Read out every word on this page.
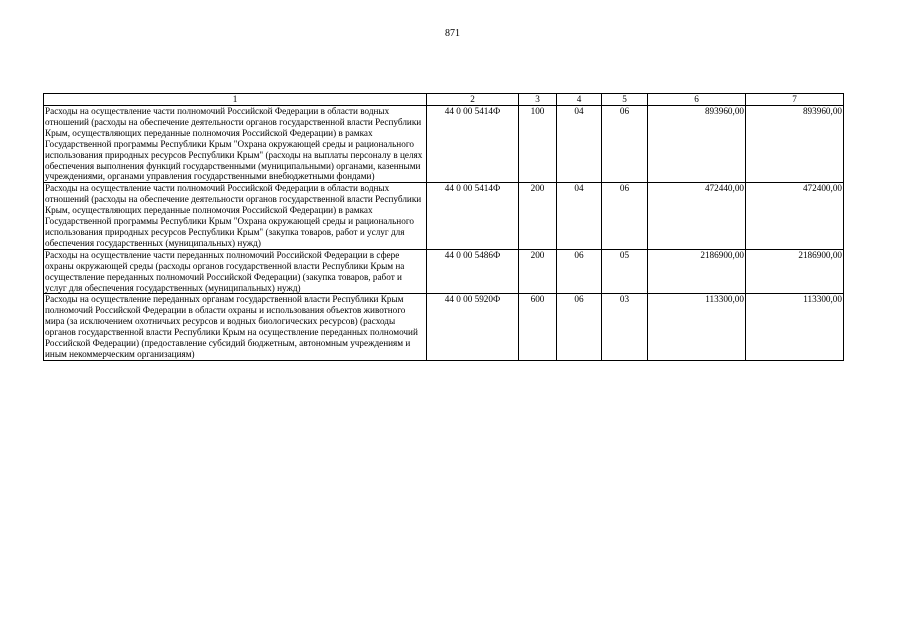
871
1	2	3	4	5	6	7
Расходы на осуществление части полномочий Российской Федерации в области водных отношений (расходы на обеспечение деятельности органов государственной власти Республики Крым, осуществляющих переданные полномочия Российской Федерации) в рамках Государственной программы Республики Крым "Охрана окружающей среды и рационального использования природных ресурсов Республики Крым" (расходы на выплаты персоналу в целях обеспечения выполнения функций государственными (муниципальными) органами, казенными учреждениями, органами управления государственными внебюджетными фондами)	44 0 00 5414Ф	100	04	06	893960,00	893960,00
Расходы на осуществление части полномочий Российской Федерации в области водных отношений (расходы на обеспечение деятельности органов государственной власти Республики Крым, осуществляющих переданные полномочия Российской Федерации) в рамках Государственной программы Республики Крым "Охрана окружающей среды и рационального использования природных ресурсов Республики Крым" (закупка товаров, работ и услуг для обеспечения государственных (муниципальных) нужд)	44 0 00 5414Ф	200	04	06	472440,00	472400,00
Расходы на осуществление части переданных полномочий Российской Федерации в сфере охраны окружающей среды (расходы органов государственной власти Республики Крым на осуществление переданных полномочий Российской Федерации) (закупка товаров, работ и услуг для обеспечения государственных (муниципальных) нужд)	44 0 00 5486Ф	200	06	05	2186900,00	2186900,00
Расходы на осуществление переданных органам государственной власти Республики Крым полномочий Российской Федерации в области охраны и использования объектов животного мира (за исключением охотничьих ресурсов и водных биологических ресурсов) (расходы органов государственной власти Республики Крым на осуществление переданных полномочий Российской Федерации) (предоставление субсидий бюджетным, автономным учреждениям и иным некоммерческим организациям)	44 0 00 5920Ф	600	06	03	113300,00	113300,00
